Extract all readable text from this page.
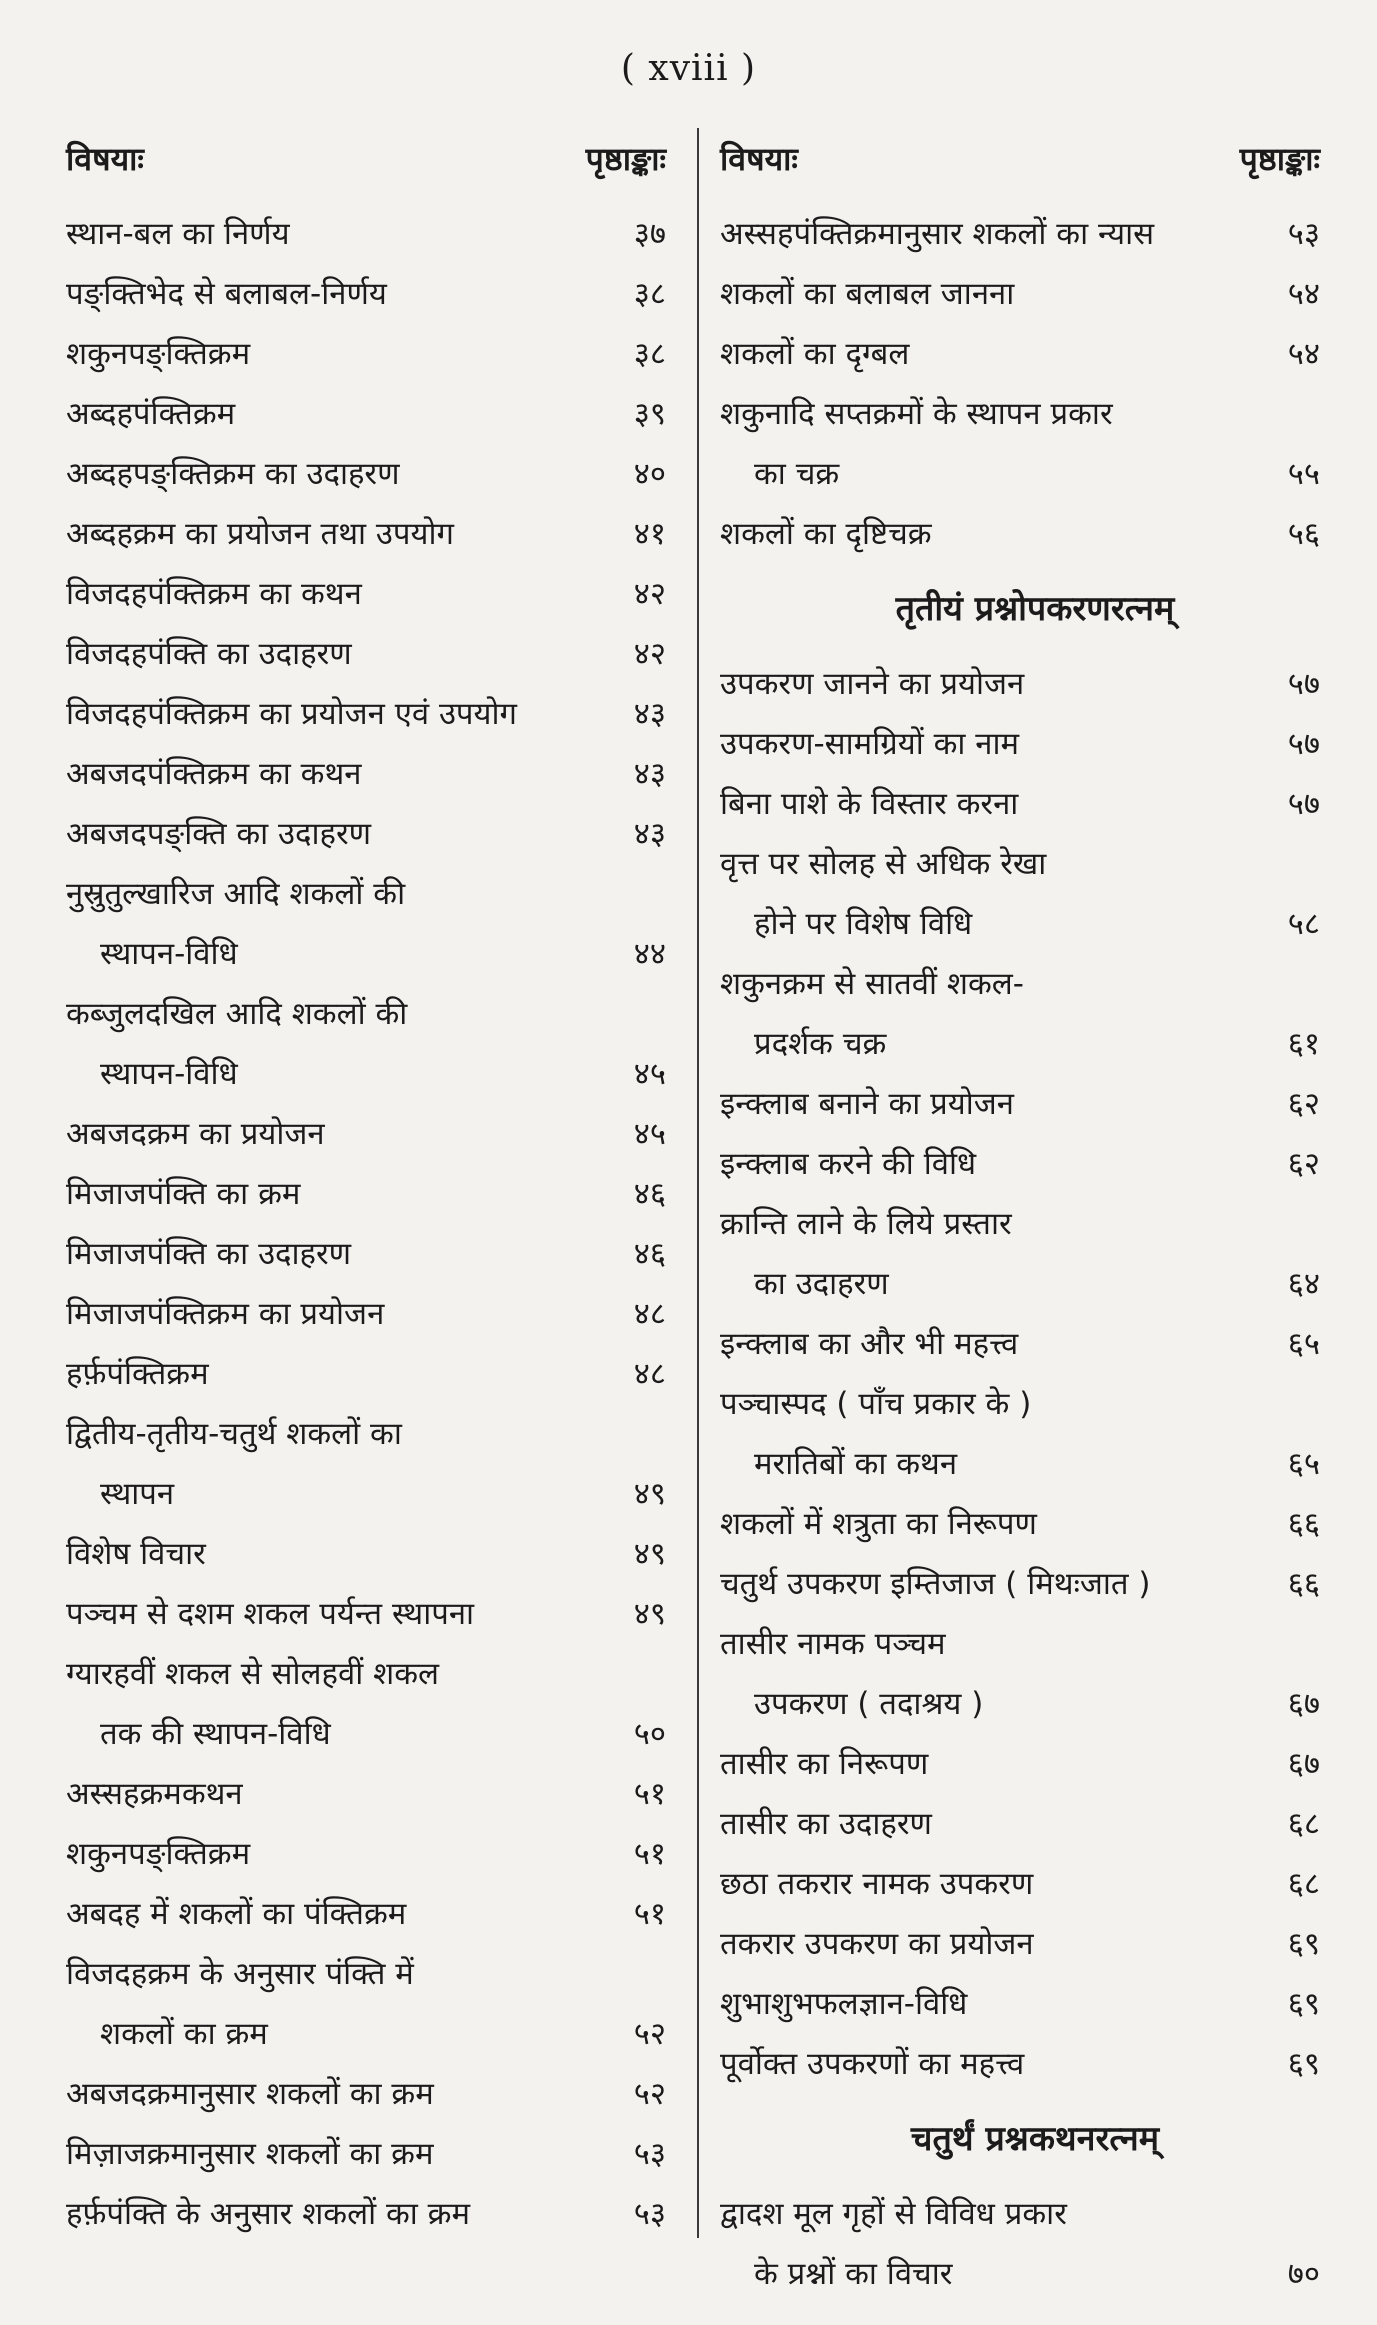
( xviii )
विषयाः	पृष्ठाङ्काः
स्थान-बल का निर्णय	३७
पङ्क्तिभेद से बलाबल-निर्णय	३८
शकुनपङ्क्तिक्रम	३८
अब्दहपंक्तिक्रम	३९
अब्दहपङ्क्तिक्रम का उदाहरण	४०
अब्दहक्रम का प्रयोजन तथा उपयोग	४१
विजदहपंक्तिक्रम का कथन	४२
विजदहपंक्ति का उदाहरण	४२
विजदहपंक्तिक्रम का प्रयोजन एवं उपयोग	४३
अबजदपंक्तिक्रम का कथन	४३
अबजदपङ्क्ति का उदाहरण	४३
नुस्रुतुल्खारिज आदि शकलों की
स्थापन-विधि	४४
कब्जुलदखिल आदि शकलों की
स्थापन-विधि	४५
अबजदक्रम का प्रयोजन	४५
मिजाजपंक्ति का क्रम	४६
मिजाजपंक्ति का उदाहरण	४६
मिजाजपंक्तिक्रम का प्रयोजन	४८
हर्फ़पंक्तिक्रम	४८
द्वितीय-तृतीय-चतुर्थ शकलों का
स्थापन	४९
विशेष विचार	४९
पञ्चम से दशम शकल पर्यन्त स्थापना	४९
ग्यारहवीं शकल से सोलहवीं शकल
तक की स्थापन-विधि	५०
अस्सहक्रमकथन	५१
शकुनपङ्क्तिक्रम	५१
अबदह में शकलों का पंक्तिक्रम	५१
विजदहक्रम के अनुसार पंक्ति में
शकलों का क्रम	५२
अबजदक्रमानुसार शकलों का क्रम	५२
मिज़ाजक्रमानुसार शकलों का क्रम	५३
हर्फ़पंक्ति के अनुसार शकलों का क्रम	५३
विषयाः	पृष्ठाङ्काः
अस्सहपंक्तिक्रमानुसार शकलों का न्यास	५३
शकलों का बलाबल जानना	५४
शकलों का दृग्बल	५४
शकुनादि सप्तक्रमों के स्थापन प्रकार
का चक्र	५५
शकलों का दृष्टिचक्र	५६
तृतीयं प्रश्नोपकरणरत्नम्
उपकरण जानने का प्रयोजन	५७
उपकरण-सामग्रियों का नाम	५७
बिना पाशे के विस्तार करना	५७
वृत्त पर सोलह से अधिक रेखा
होने पर विशेष विधि	५८
शकुनक्रम से सातवीं शकल-
प्रदर्शक चक्र	६१
इन्क्लाब बनाने का प्रयोजन	६२
इन्क्लाब करने की विधि	६२
क्रान्ति लाने के लिये प्रस्तार
का उदाहरण	६४
इन्क्लाब का और भी महत्त्व	६५
पञ्चास्पद ( पाँच प्रकार के )
मरातिबों का कथन	६५
शकलों में शत्रुता का निरूपण	६६
चतुर्थ उपकरण इम्तिजाज ( मिथःजात )	६६
तासीर नामक पञ्चम
उपकरण ( तदाश्रय )	६७
तासीर का निरूपण	६७
तासीर का उदाहरण	६८
छठा तकरार नामक उपकरण	६८
तकरार उपकरण का प्रयोजन	६९
शुभाशुभफलज्ञान-विधि	६९
पूर्वोक्त उपकरणों का महत्त्व	६९
चतुर्थं प्रश्नकथनरत्नम्
द्वादश मूल गृहों से विविध प्रकार
के प्रश्नों का विचार	७०
